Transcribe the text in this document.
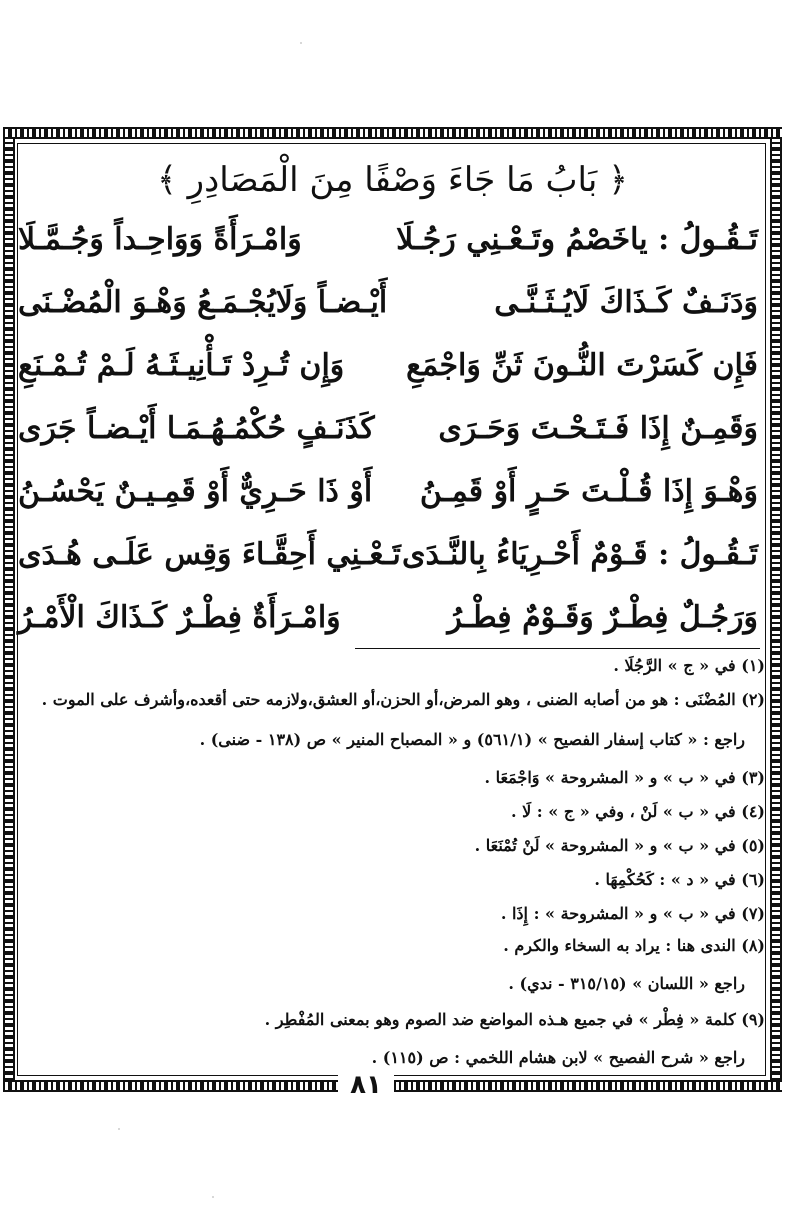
٨١
﴿ بَابُ مَا جَاءَ وَصْفًا مِنَ الْمَصَادِرِ ﴾
تَـقُـولُ : ياخَصْمُ وتَـعْـنِي رَجُـلَا
وَامْـرَأَةً وَوَاحِـداً وَجُـمَّـلَا
وَدَنَـفٌ كَـذَاكَ لَايُـثَـنَّـى
أَيْـضـاً وَلَايُجْـمَـعُ وَهْـوَ الْمُضْـنَى
فَإِن كَسَرْتَ النُّـونَ ثَنِّ وَاجْمَعِ
وَإِن تُـرِدْ تَـأْنِيـثَـهُ لَـمْ تُـمْـنَعِ
وَقَمِـنٌ إِذَا فَـتَـحْـتَ وَحَـرَى
كَذَنَـفٍ حُكْمُـهُـمَـا أَيْـضـاً جَرَى
وَهْـوَ إِذَا قُـلْـتَ حَـرٍ أَوْ قَمِـنُ
أَوْ ذَا حَـرِيٌّ أَوْ قَمِـيـنٌ يَحْسُـنُ
تَـقُـولُ : قَـوْمٌ أَحْـرِيَاءُ بِالنَّـدَى
تَـعْـنِي أَحِقَّـاءَ وَقِس عَلَـى هُـدَى
وَرَجُـلٌ فِطْـرٌ وَقَـوْمٌ فِطْـرُ
وَامْـرَأَةٌ فِطْـرٌ كَـذَاكَ الْأَمْـرُ
(١) في « ج » الرَّجُلَا .
(٢) المُضْنَى : هو من أصابه الضنى ، وهو المرض،أو الحزن،أو العشق،ولازمه حتى أقعده،وأشرف على الموت .
راجع : « كتاب إسفار الفصيح » (٥٦١/١) و « المصباح المنير » ص (١٣٨ - ضنى) .
(٣) في « ب » و « المشروحة » وَاجْمَعَا .
(٤) في « ب » لَنْ ، وفي « ج » : لَا .
(٥) في « ب » و « المشروحة » لَنْ تُمْنَعَا .
(٦) في « د » : كَحُكْمِهَا .
(٧) في « ب » و « المشروحة » : إِذَا .
(٨) الندى هنا : يراد به السخاء والكرم .
راجع « اللسان » (٣١٥/١٥ - ندي) .
(٩) كلمة « فِطْر » في جميع هـذه المواضع ضد الصوم وهو بمعنى المُفْطِر .
راجع « شرح الفصيح » لابن هشام اللخمي : ص (١١٥) .
